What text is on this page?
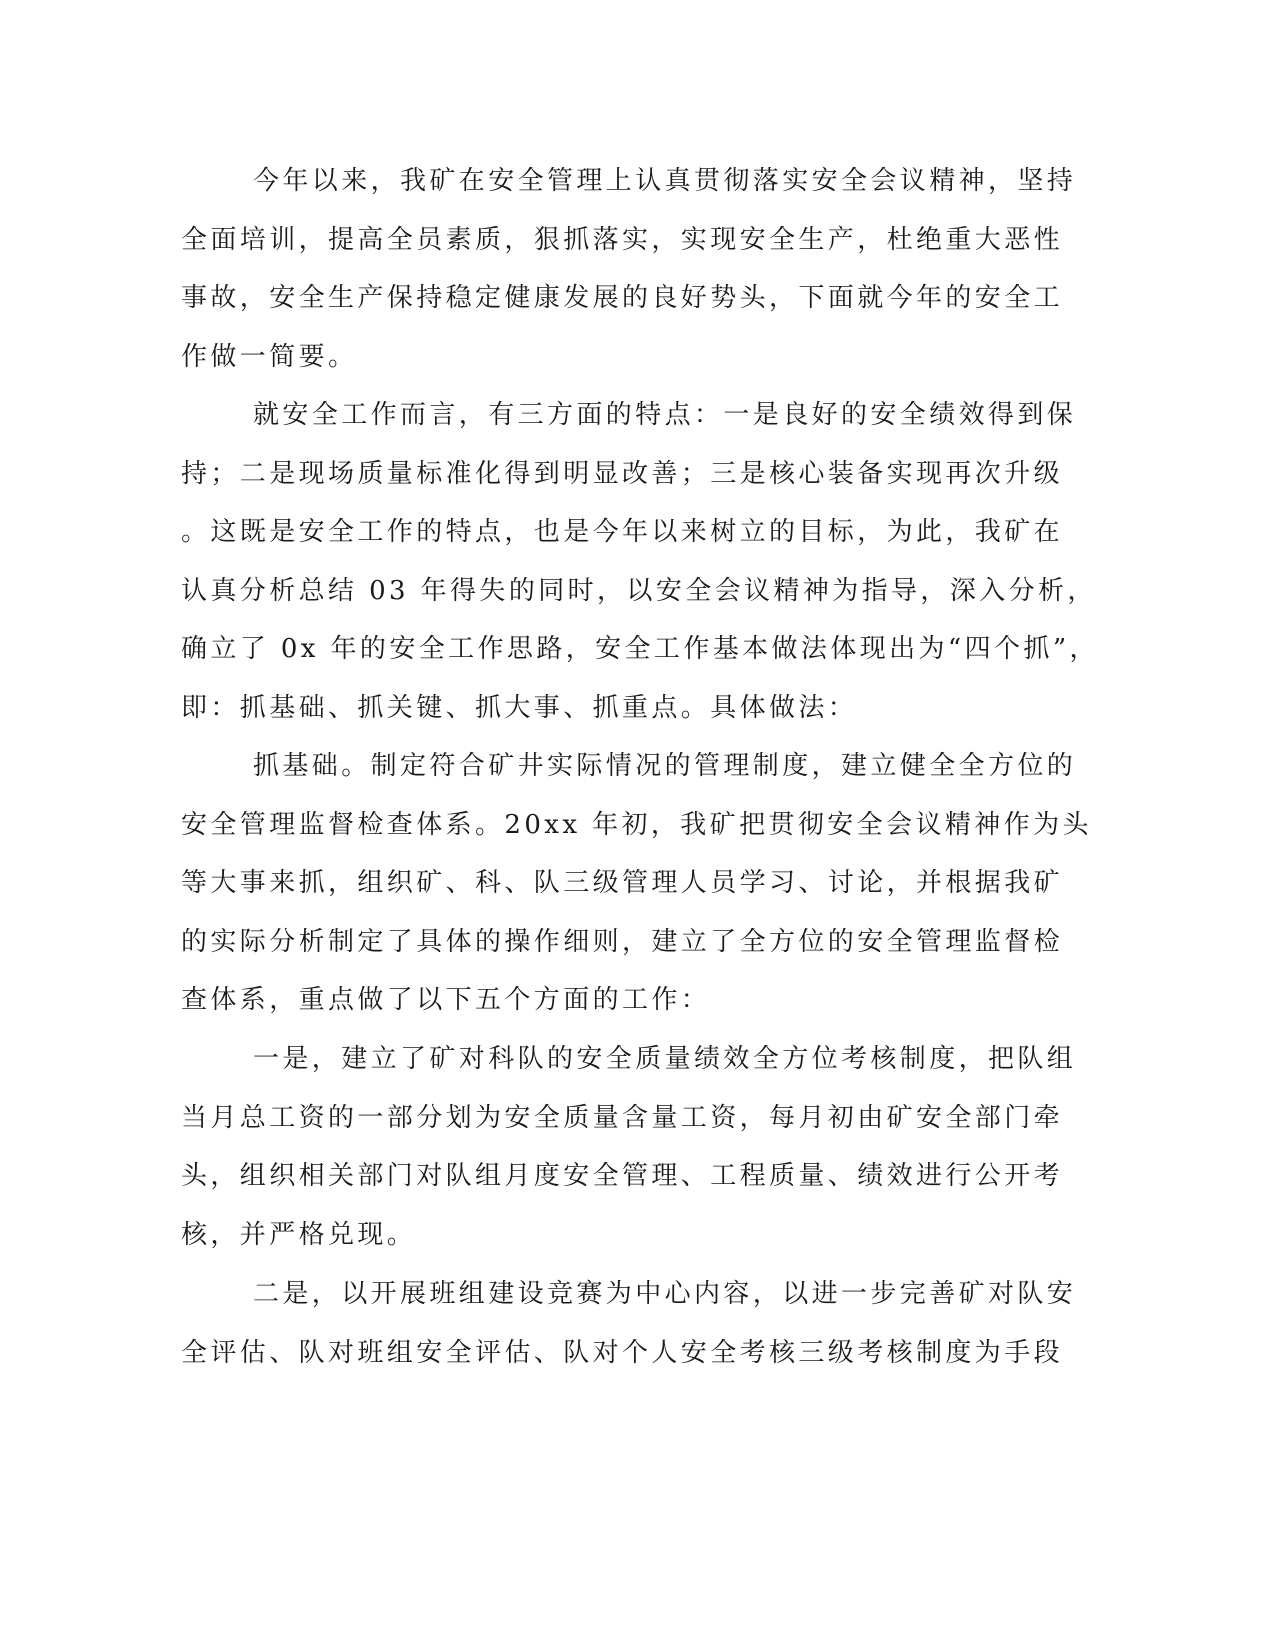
今年以来，我矿在安全管理上认真贯彻落实安全会议精神，坚持
全面培训，提高全员素质，狠抓落实，实现安全生产，杜绝重大恶性
事故，安全生产保持稳定健康发展的良好势头，下面就今年的安全工
作做一简要。
就安全工作而言，有三方面的特点：一是良好的安全绩效得到保
持；二是现场质量标准化得到明显改善；三是核心装备实现再次升级
。这既是安全工作的特点，也是今年以来树立的目标，为此，我矿在
认真分析总结 03 年得失的同时，以安全会议精神为指导，深入分析，
确立了 0x 年的安全工作思路，安全工作基本做法体现出为“四个抓”，
即：抓基础、抓关键、抓大事、抓重点。具体做法：
抓基础。制定符合矿井实际情况的管理制度，建立健全全方位的
安全管理监督检查体系。20xx 年初，我矿把贯彻安全会议精神作为头
等大事来抓，组织矿、科、队三级管理人员学习、讨论，并根据我矿
的实际分析制定了具体的操作细则，建立了全方位的安全管理监督检
查体系，重点做了以下五个方面的工作：
一是，建立了矿对科队的安全质量绩效全方位考核制度，把队组
当月总工资的一部分划为安全质量含量工资，每月初由矿安全部门牵
头，组织相关部门对队组月度安全管理、工程质量、绩效进行公开考
核，并严格兑现。
二是，以开展班组建设竞赛为中心内容，以进一步完善矿对队安
全评估、队对班组安全评估、队对个人安全考核三级考核制度为手段
